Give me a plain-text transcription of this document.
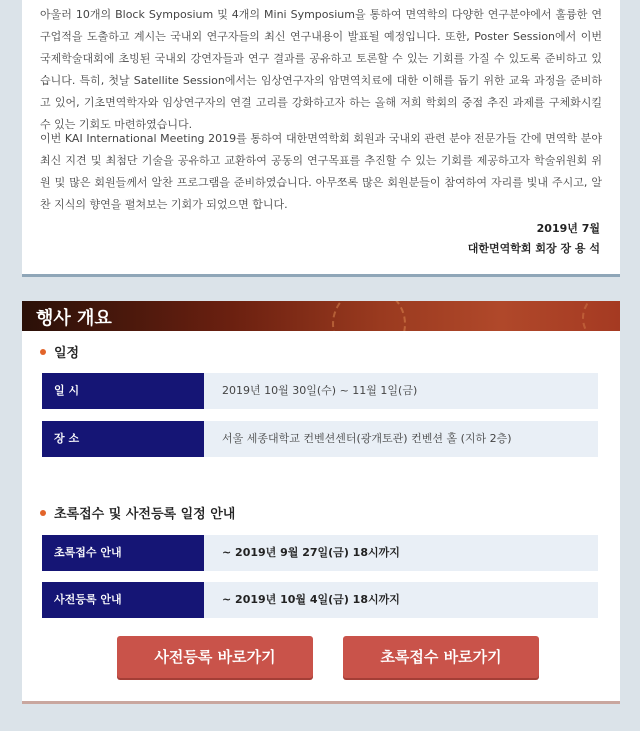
아울러 10개의 Block Symposium 및 4개의 Mini Symposium을 통하여 면역학의 다양한 연구분야에서 훌륭한 연구업적을 도출하고 계시는 국내외 연구자들의 최신 연구내용이 발표될 예정입니다. 또한, Poster Session에서 이번 국제학술대회에 초빙된 국내외 강연자들과 연구 결과를 공유하고 토론할 수 있는 기회를 가질 수 있도록 준비하고 있습니다. 특히, 첫날 Satellite Session에서는 임상연구자의 암면역치료에 대한 이해를 돕기 위한 교육 과정을 준비하고 있어, 기초면역학자와 임상연구자의 연결 고리를 강화하고자 하는 올해 저희 학회의 중점 추진 과제를 구체화시킬 수 있는 기회도 마련하였습니다.

이번 KAI International Meeting 2019를 통하여 대한면역학회 회원과 국내외 관련 분야 전문가들 간에 면역학 분야 최신 지견 및 최첨단 기술을 공유하고 교환하여 공동의 연구목표를 추진할 수 있는 기회를 제공하고자 학술위원회 위원 및 많은 회원들께서 알찬 프로그램을 준비하였습니다. 아무쪼록 많은 회원분들이 참여하여 자리를 빛내 주시고, 알찬 지식의 향연을 펼쳐보는 기회가 되었으면 합니다.

2019년 7월
대한면역학회 회장 장 용 석
행사 개요
일정
일 시	2019년 10월 30일(수) ~ 11월 1일(금)
장 소	서울 세종대학교 컨벤션센터(광개토관) 컨벤션 홀 (지하 2층)
초록접수 및 사전등록 일정 안내
초록접수 안내	~ 2019년 9월 27일(금) 18시까지
사전등록 안내	~ 2019년 10월 4일(금) 18시까지
사전등록 바로가기	초록접수 바로가기
